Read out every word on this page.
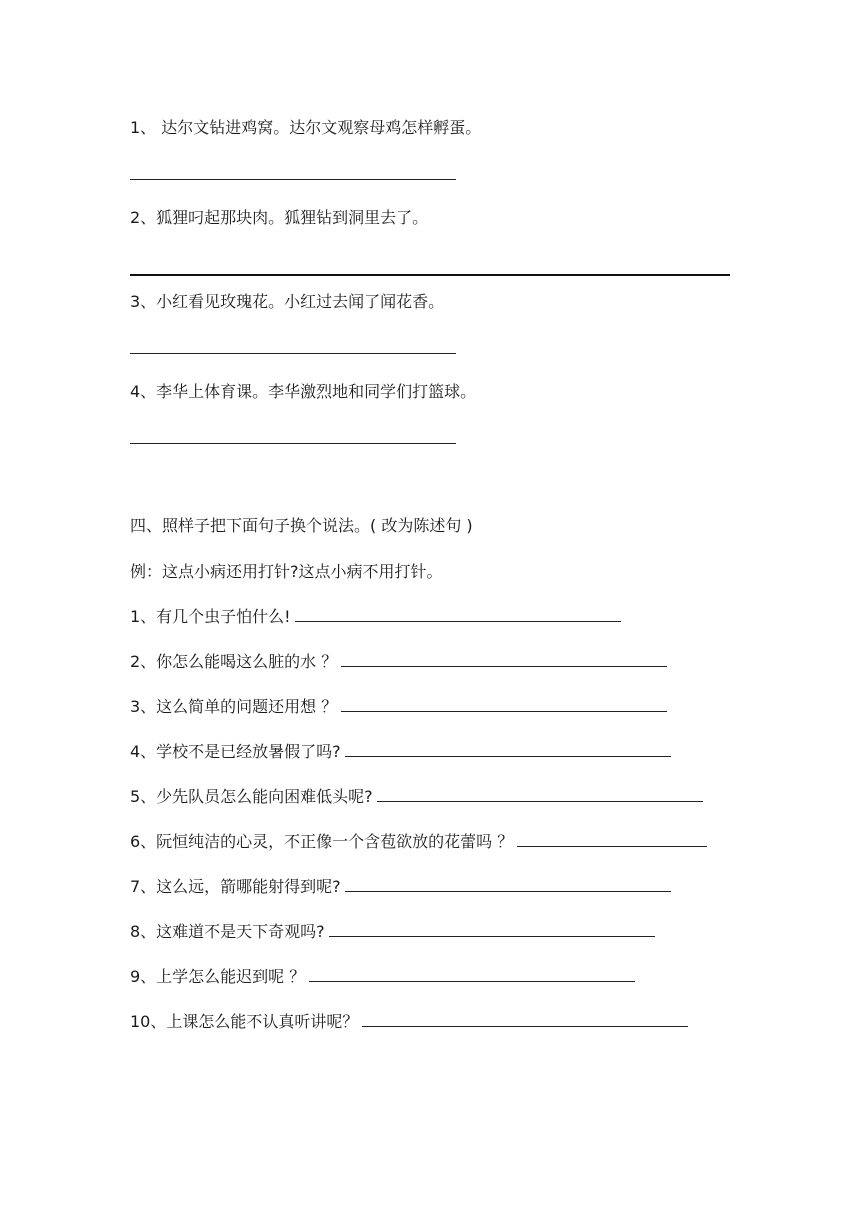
1、 达尔文钻进鸡窝。达尔文观察母鸡怎样孵蛋。
2、狐狸叼起那块肉。狐狸钻到洞里去了。
3、小红看见玫瑰花。小红过去闻了闻花香。
4、李华上体育课。李华激烈地和同学们打篮球。
四、照样子把下面句子换个说法。( 改为陈述句 )
例：这点小病还用打针?这点小病不用打针。
1、有几个虫子怕什么!
2、你怎么能喝这么脏的水 ？
3、这么简单的问题还用想 ？
4、学校不是已经放暑假了吗?
5、少先队员怎么能向困难低头呢?
6、阮恒纯洁的心灵，不正像一个含苞欲放的花蕾吗 ？
7、这么远，箭哪能射得到呢?
8、这难道不是天下奇观吗?
9、上学怎么能迟到呢 ？
10、上课怎么能不认真听讲呢？
